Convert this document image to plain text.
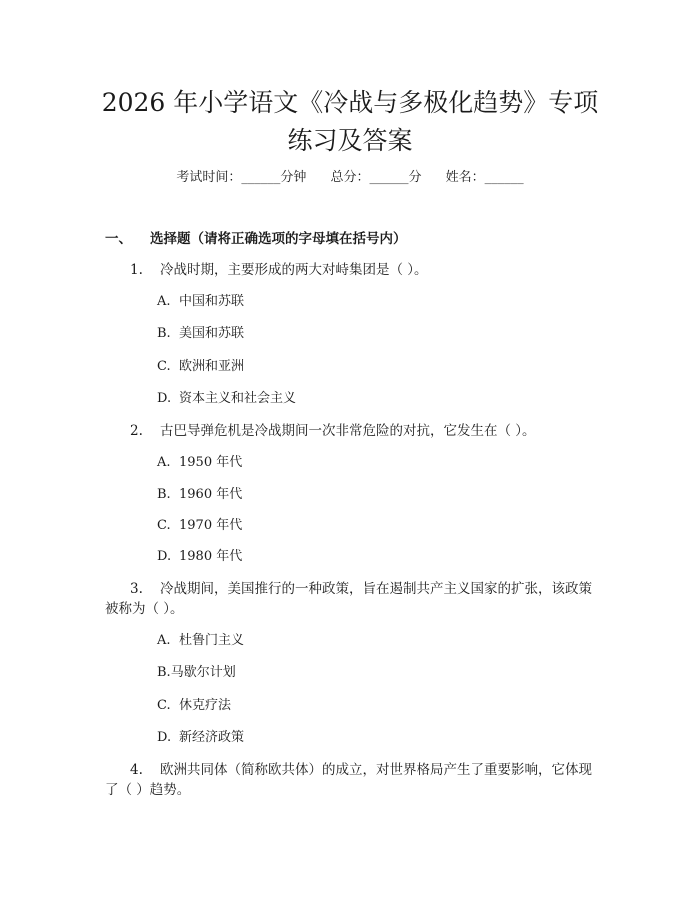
2026 年小学语文《冷战与多极化趋势》专项
练习及答案
考试时间：______分钟 总分：______分 姓名：______
一、 选择题（请将正确选项的字母填在括号内）
1. 冷战时期，主要形成的两大对峙集团是（ ）。
A. 中国和苏联
B. 美国和苏联
C. 欧洲和亚洲
D. 资本主义和社会主义
2. 古巴导弹危机是冷战期间一次非常危险的对抗，它发生在（ ）。
A. 1950 年代
B. 1960 年代
C. 1970 年代
D. 1980 年代
3. 冷战期间，美国推行的一种政策，旨在遏制共产主义国家的扩张，该政策
被称为（ ）。
A. 杜鲁门主义
B.马歇尔计划
C. 休克疗法
D. 新经济政策
4. 欧洲共同体（简称欧共体）的成立，对世界格局产生了重要影响，它体现
了（ ）趋势。
